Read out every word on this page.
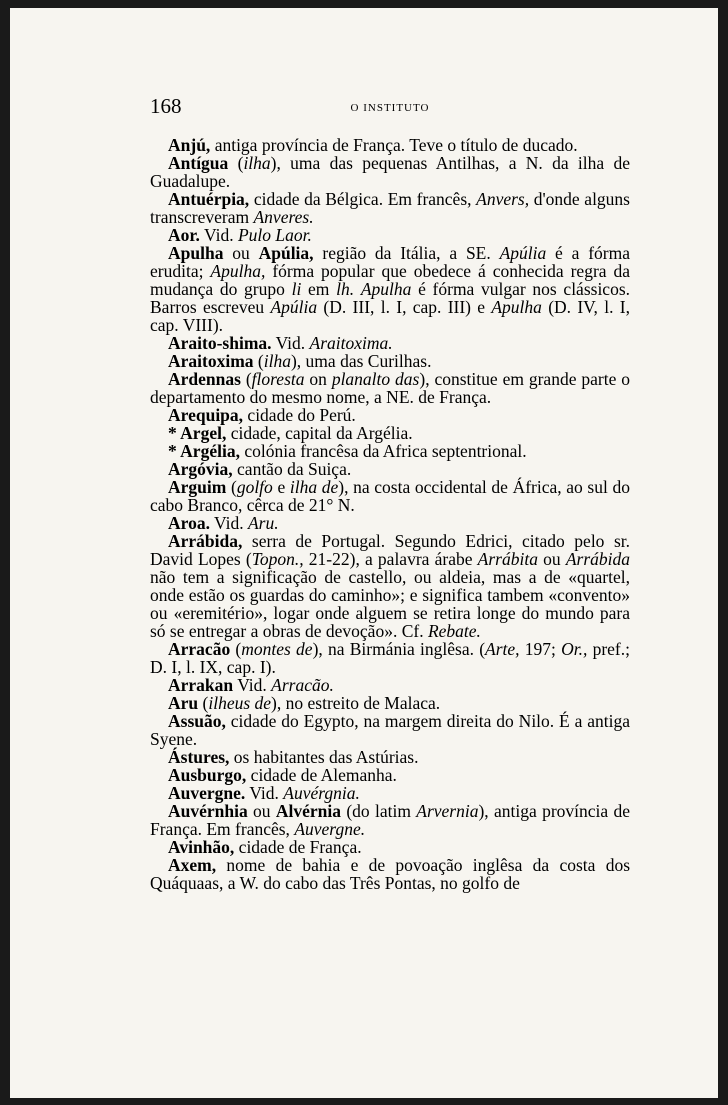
168	O INSTITUTO

Anjú, antiga província de França. Teve o título de ducado.

Antígua (ilha), uma das pequenas Antilhas, a N. da ilha de Guadalupe.

Antuérpia, cidade da Bélgica. Em francês, Anvers, d'onde alguns transcreveram Anveres.

Aor. Vid. Pulo Laor.

Apulha ou Apúlia, região da Itália, a SE. Apúlia é a fórma erudita; Apulha, fórma popular que obedece á conhecida regra da mudança do grupo li em lh. Apulha é fórma vulgar nos clássicos. Barros escreveu Apúlia (D. III, l. I, cap. III) e Apulha (D. IV, l. I, cap. VIII).

Araito-shima. Vid. Araitoxima.

Araitoxima (ilha), uma das Curilhas.

Ardennas (floresta on planalto das), constitue em grande parte o departamento do mesmo nome, a NE. de França.

Arequipa, cidade do Perú.

* Argel, cidade, capital da Argélia.

* Argélia, colónia francêsa da Africa septentrional.

Argóvia, cantão da Suiça.

Arguim (golfo e ilha de), na costa occidental de África, ao sul do cabo Branco, cêrca de 21° N.

Aroa. Vid. Aru.

Arrábida, serra de Portugal. Segundo Edrici, citado pelo sr. David Lopes (Topon., 21-22), a palavra árabe Arrábita ou Arrábida não tem a significação de castello, ou aldeia, mas a de «quartel, onde estão os guardas do caminho»; e significa tambem «convento» ou «eremitério», logar onde alguem se retira longe do mundo para só se entregar a obras de devoção». Cf. Rebate.

Arracão (montes de), na Birmánia inglêsa. (Arte, 197; Or., pref.; D. I, l. IX, cap. I).

Arrakan Vid. Arracão.

Aru (ilheus de), no estreito de Malaca.

Assuão, cidade do Egypto, na margem direita do Nilo. É a antiga Syene.

Ástures, os habitantes das Astúrias.

Ausburgo, cidade de Alemanha.

Auvergne. Vid. Auvérgnia.

Auvérnhia ou Alvérnia (do latim Arvernia), antiga província de França. Em francês, Auvergne.

Avinhão, cidade de França.

Axem, nome de bahia e de povoação inglêsa da costa dos Quáquaas, a W. do cabo das Três Pontas, no golfo de
